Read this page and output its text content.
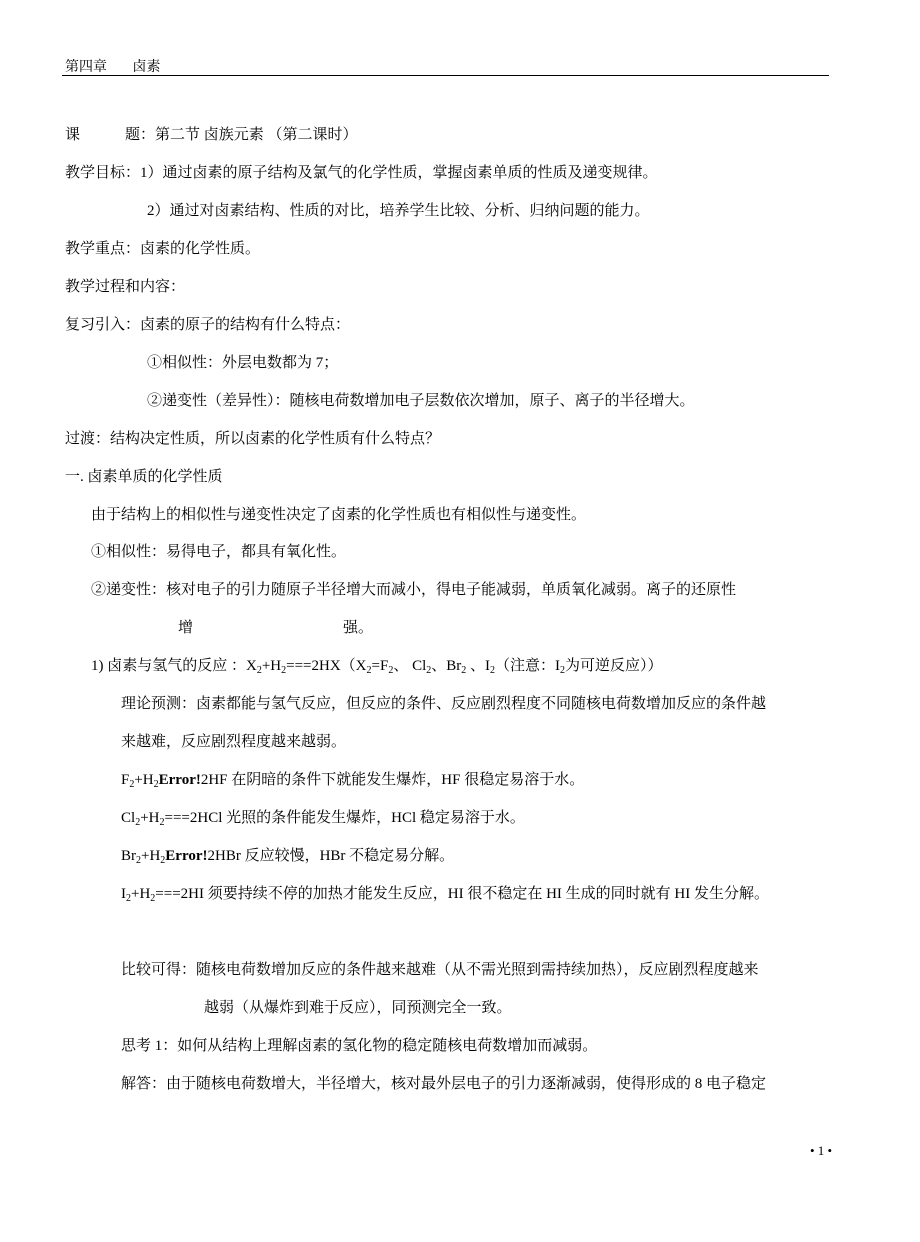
第四章 卤素
课　　　题：第二节 卤族元素 （第二课时）
教学目标：1）通过卤素的原子结构及氯气的化学性质，掌握卤素单质的性质及递变规律。
2）通过对卤素结构、性质的对比，培养学生比较、分析、归纳问题的能力。
教学重点：卤素的化学性质。
教学过程和内容：
复习引入：卤素的原子的结构有什么特点：
①相似性：外层电数都为 7；
②递变性（差异性）：随核电荷数增加电子层数依次增加，原子、离子的半径增大。
过渡：结构决定性质，所以卤素的化学性质有什么特点？
一. 卤素单质的化学性质
由于结构上的相似性与递变性决定了卤素的化学性质也有相似性与递变性。
①相似性：易得电子，都具有氧化性。
②递变性：核对电子的引力随原子半径增大而减小，得电子能减弱，单质氧化减弱。离子的还原性
增　　　　　　　　　　强。
1) 卤素与氢气的反应 ：$X_2+H_2===2HX(X_2=F_2$、 $Cl_2$、$Br_2$ 、$I_2$（注意：$I_2$为可逆反应））
理论预测：卤素都能与氢气反应，但反应的条件、反应剧烈程度不同随核电荷数增加反应的条件越
来越难，反应剧烈程度越来越弱。
$F_2+H_2Error!2HF$ 在阴暗的条件下就能发生爆炸，HF 很稳定易溶于水。
$Cl_2+H_2===2HCl$ 光照的条件能发生爆炸，HCl 稳定易溶于水。
$Br_2+H_2Error!2HBr$ 反应较慢，HBr 不稳定易分解。
$I_2+H_2===2HI$ 须要持续不停的加热才能发生反应，HI 很不稳定在 HI 生成的同时就有 HI 发生分解。
比较可得：随核电荷数增加反应的条件越来越难（从不需光照到需持续加热），反应剧烈程度越来
越弱（从爆炸到难于反应），同预测完全一致。
思考 1：如何从结构上理解卤素的氢化物的稳定随核电荷数增加而减弱。
解答：由于随核电荷数增大，半径增大，核对最外层电子的引力逐渐减弱，使得形成的 8 电子稳定
• 1 •
